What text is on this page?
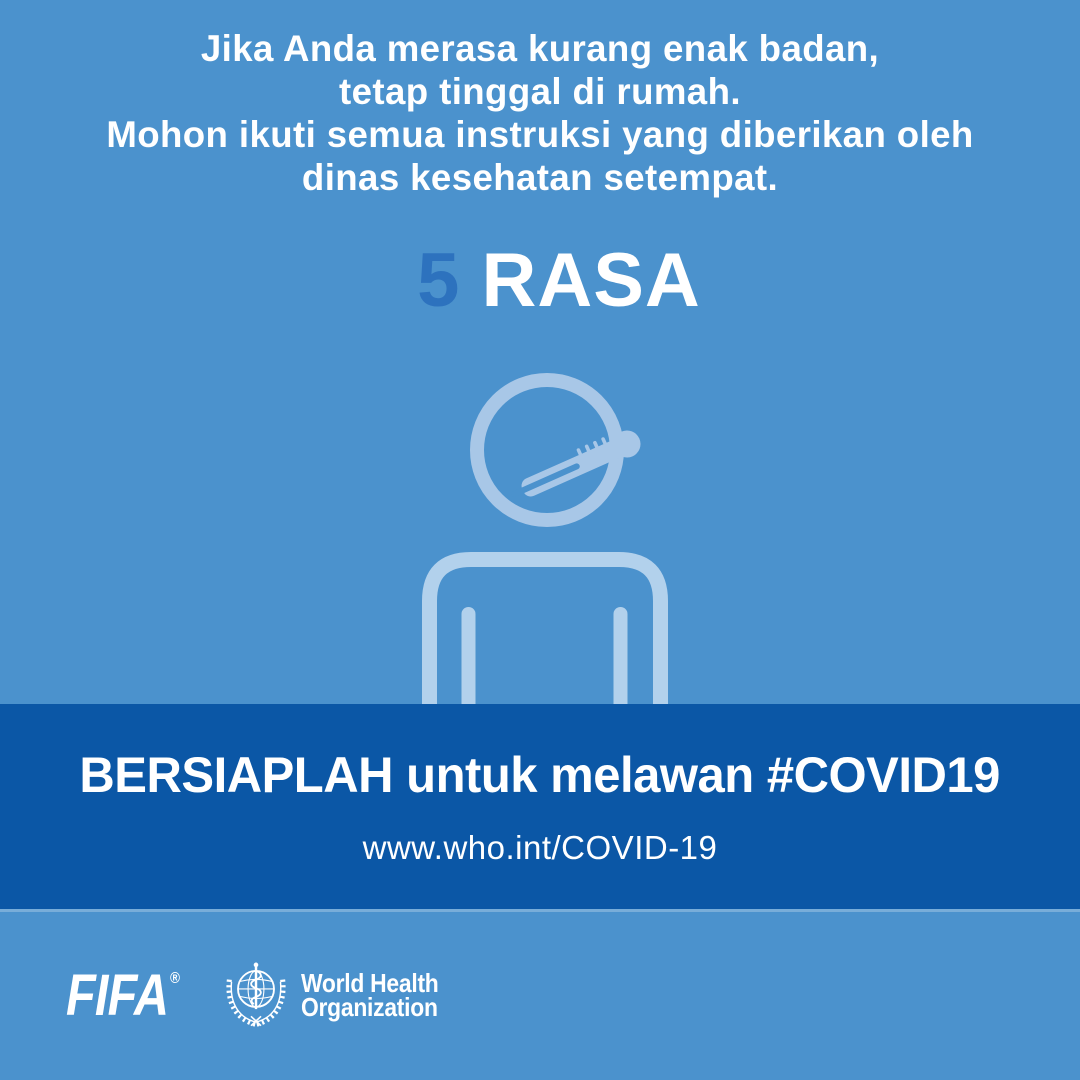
Jika Anda merasa kurang enak badan,
tetap tinggal di rumah.
Mohon ikuti semua instruksi yang diberikan oleh
dinas kesehatan setempat.
5 RASA
BERSIAPLAH untuk melawan #COVID19
www.who.int/COVID-19
FIFA ®	World Health
Organization
